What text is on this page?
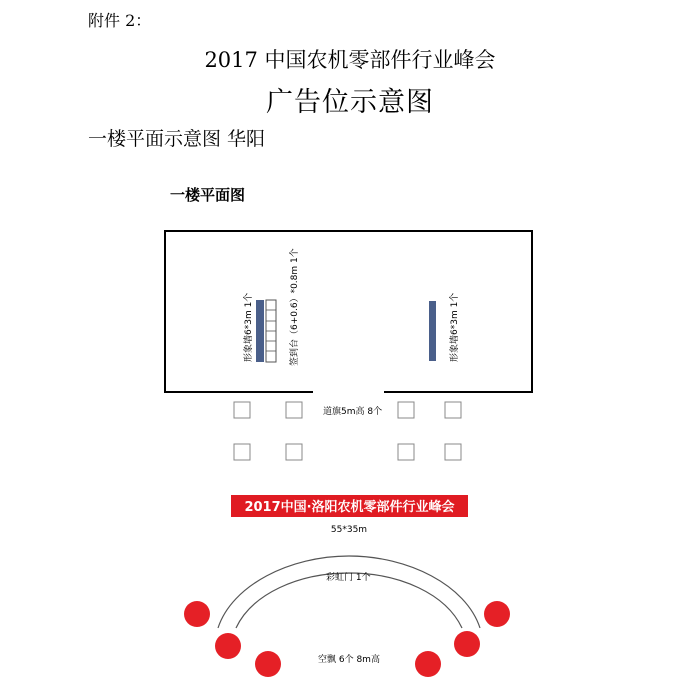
附件 2：
2017 中国农机零部件行业峰会
广告位示意图
一楼平面示意图 华阳
一楼平面图
形象墙6*3m 1个	签到台（6+0.6）*0.8m 1个	形象墙6*3m 1个
道旗5m高 8个
2017中国·洛阳农机零部件行业峰会
55*35m
彩虹门 1个
空飘 6个 8m高
